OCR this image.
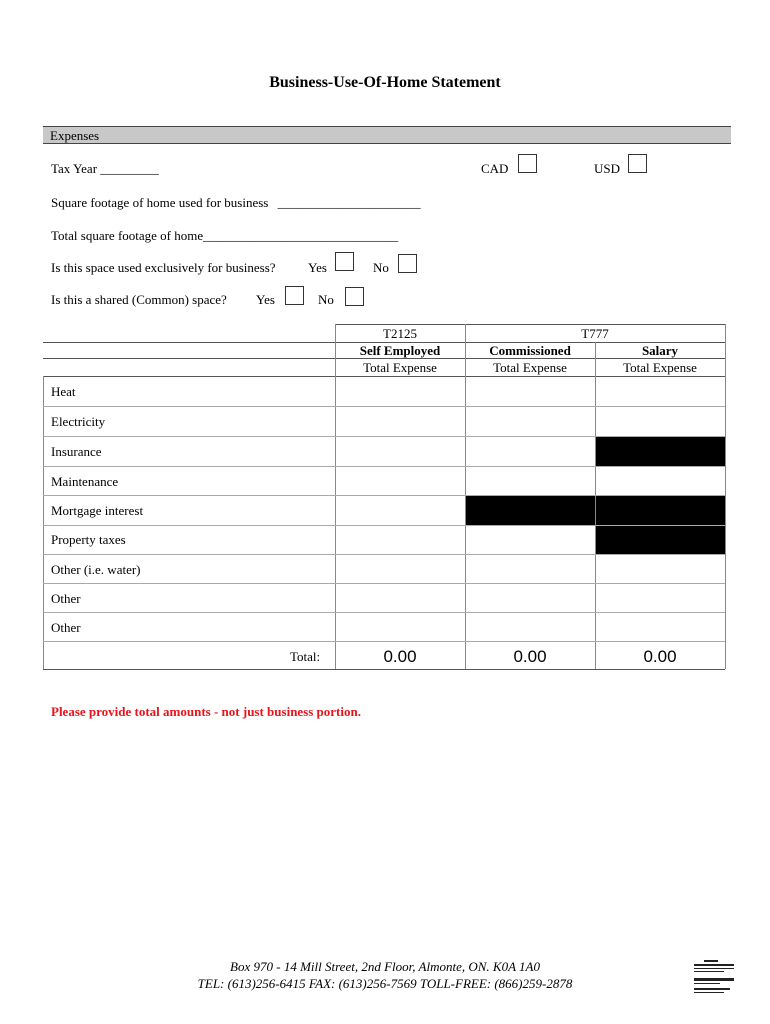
Business-Use-Of-Home Statement
Expenses
Tax Year _________	CAD	USD
Square footage of home used for business ______________________
Total square footage of home______________________________
Is this space used exclusively for business? Yes	No
Is this a shared (Common) space? Yes	No
T2125	T777
Self Employed	Commissioned	Salary
Total Expense	Total Expense	Total Expense
Heat
Electricity
Insurance
Maintenance
Mortgage interest
Property taxes
Other (i.e. water)
Other
Other
Total:	0.00	0.00	0.00
Please provide total amounts - not just business portion.
Box 970 - 14 Mill Street, 2nd Floor, Almonte, ON. K0A 1A0
TEL: (613)256-6415 FAX: (613)256-7569 TOLL-FREE: (866)259-2878
